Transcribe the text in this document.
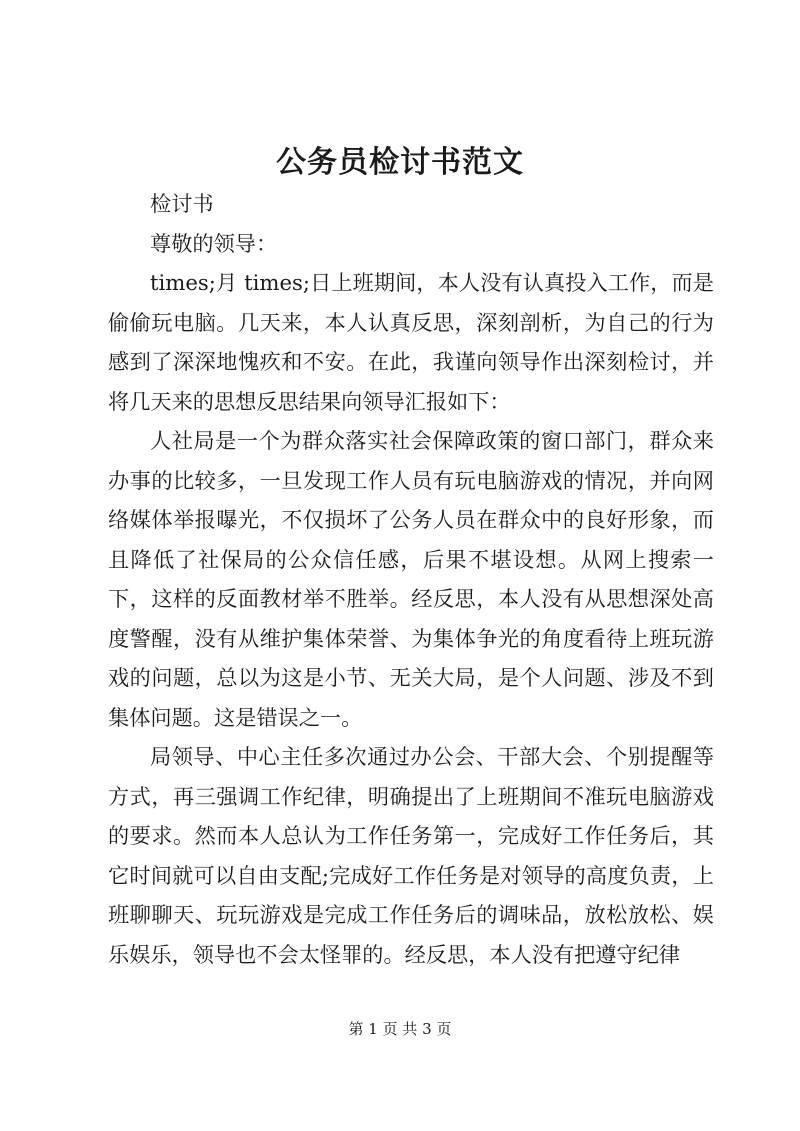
公务员检讨书范文

检讨书

尊敬的领导：

times;月 times;日上班期间，本人没有认真投入工作，而是偷偷玩电脑。几天来，本人认真反思，深刻剖析，为自己的行为感到了深深地愧疚和不安。在此，我谨向领导作出深刻检讨，并将几天来的思想反思结果向领导汇报如下：

人社局是一个为群众落实社会保障政策的窗口部门，群众来办事的比较多，一旦发现工作人员有玩电脑游戏的情况，并向网络媒体举报曝光，不仅损坏了公务人员在群众中的良好形象，而且降低了社保局的公众信任感，后果不堪设想。从网上搜索一下，这样的反面教材举不胜举。经反思，本人没有从思想深处高度警醒，没有从维护集体荣誉、为集体争光的角度看待上班玩游戏的问题，总以为这是小节、无关大局，是个人问题、涉及不到集体问题。这是错误之一。

局领导、中心主任多次通过办公会、干部大会、个别提醒等方式，再三强调工作纪律，明确提出了上班期间不准玩电脑游戏的要求。然而本人总认为工作任务第一，完成好工作任务后，其它时间就可以自由支配;完成好工作任务是对领导的高度负责，上班聊聊天、玩玩游戏是完成工作任务后的调味品，放松放松、娱乐娱乐，领导也不会太怪罪的。经反思，本人没有把遵守纪律

第 1 页 共 3 页
